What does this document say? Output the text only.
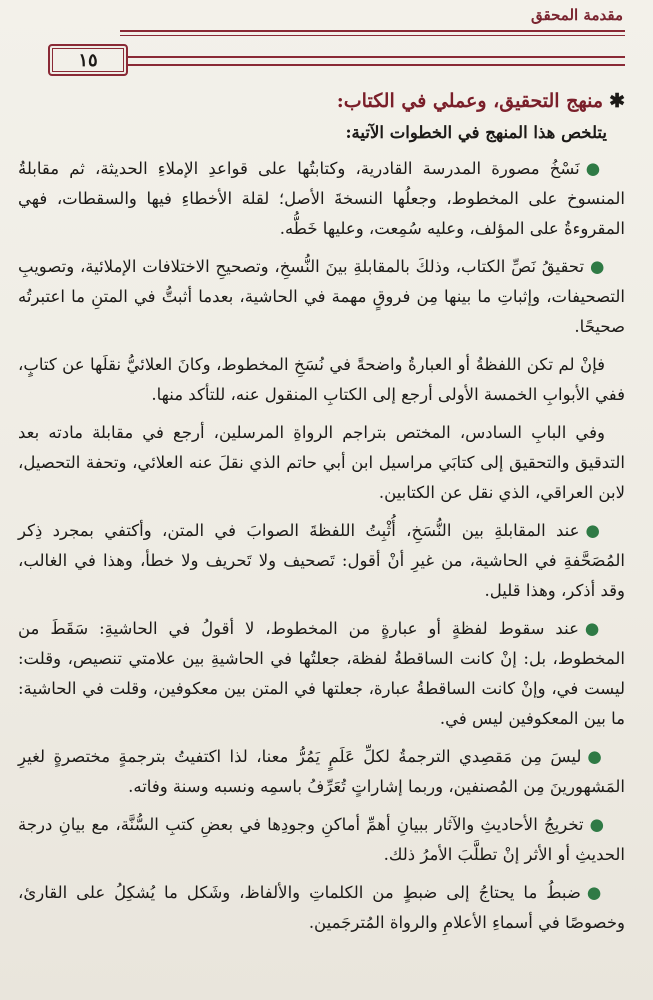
مقدمة المحقق
١٥
✱منهج التحقيق، وعملي في الكتاب:
يتلخص هذا المنهج في الخطوات الآتية:
●نَسْخُ مصورة المدرسة القادرية، وكتابتُها على قواعدِ الإملاءِ الحديثة، ثم مقابلةُ المنسوخ على المخطوط، وجعلُها النسخةَ الأصل؛ لقلة الأخطاءِ فيها والسقطات، فهي المقروءةُ على المؤلف، وعليه سُمِعت، وعليها خَطُّه.
●تحقيقُ نَصِّ الكتاب، وذلكَ بالمقابلةِ بينَ النُّسخِ، وتصحيحِ الاختلافات الإملائية، وتصويبِ التصحيفات، وإثباتِ ما بينها مِن فروقٍ مهمة في الحاشية، بعدما أثبتُّ في المتنِ ما اعتبرتُه صحيحًا.
فإنْ لم تكن اللفظةُ أو العبارةُ واضحةً في نُسَخِ المخطوط، وكانَ العلائيُّ نقلَها عن كتابٍ، ففي الأبوابِ الخمسة الأولى أرجع إلى الكتابِ المنقول عنه، للتأكد منها.
وفي البابِ السادس، المختص بتراجم الرواةِ المرسلين، أرجع في مقابلة مادته بعد التدقيق والتحقيق إلى كتابَي مراسيل ابن أبي حاتم الذي نقلَ عنه العلائي، وتحفة التحصيل، لابن العراقي، الذي نقل عن الكتابين.
●عند المقابلةِ بين النُّسَخِ، أُثْبِتُ اللفظةَ الصوابَ في المتن، وأكتفي بمجرد ذِكر المُصَحَّفةِ في الحاشية، من غيرِ أنْ أقول: تَصحيف ولا تَحريف ولا خطأ، وهذا في الغالب، وقد أذكر، وهذا قليل.
●عند سقوط لفظةٍ أو عبارةٍ من المخطوط، لا أقولُ في الحاشيةِ: سَقَطَ من المخطوط، بل: إنْ كانت الساقطةُ لفظة، جعلتُها في الحاشيةِ بين علامتي تنصيص، وقلت: ليست في، وإنْ كانت الساقطةُ عبارة، جعلتها في المتن بين معكوفين، وقلت في الحاشية: ما بين المعكوفين ليس في.
●ليسَ مِن مَقصِدي الترجمةُ لكلِّ عَلَمٍ يَمُرُّ معنا، لذا اكتفيتُ بترجمةٍ مختصرةٍ لغيرِ المَشهورينَ مِن المُصنفين، وربما إشاراتٍ تُعَرِّفُ باسمِه ونسبه وسنة وفاته.
●تخريجُ الأحاديثِ والآثار ببيانِ أهمِّ أماكنِ وجودِها في بعضِ كتبِ السُّنَّة، مع بيانِ درجة الحديثِ أو الأثر إنْ تطلَّبَ الأمرُ ذلك.
●ضبطُ ما يحتاجُ إلى ضبطٍ من الكلماتِ والألفاظ، وشَكل ما يُشكِلُ على القارئ، وخصوصًا في أسماءِ الأعلامِ والرواة المُترجَمين.
